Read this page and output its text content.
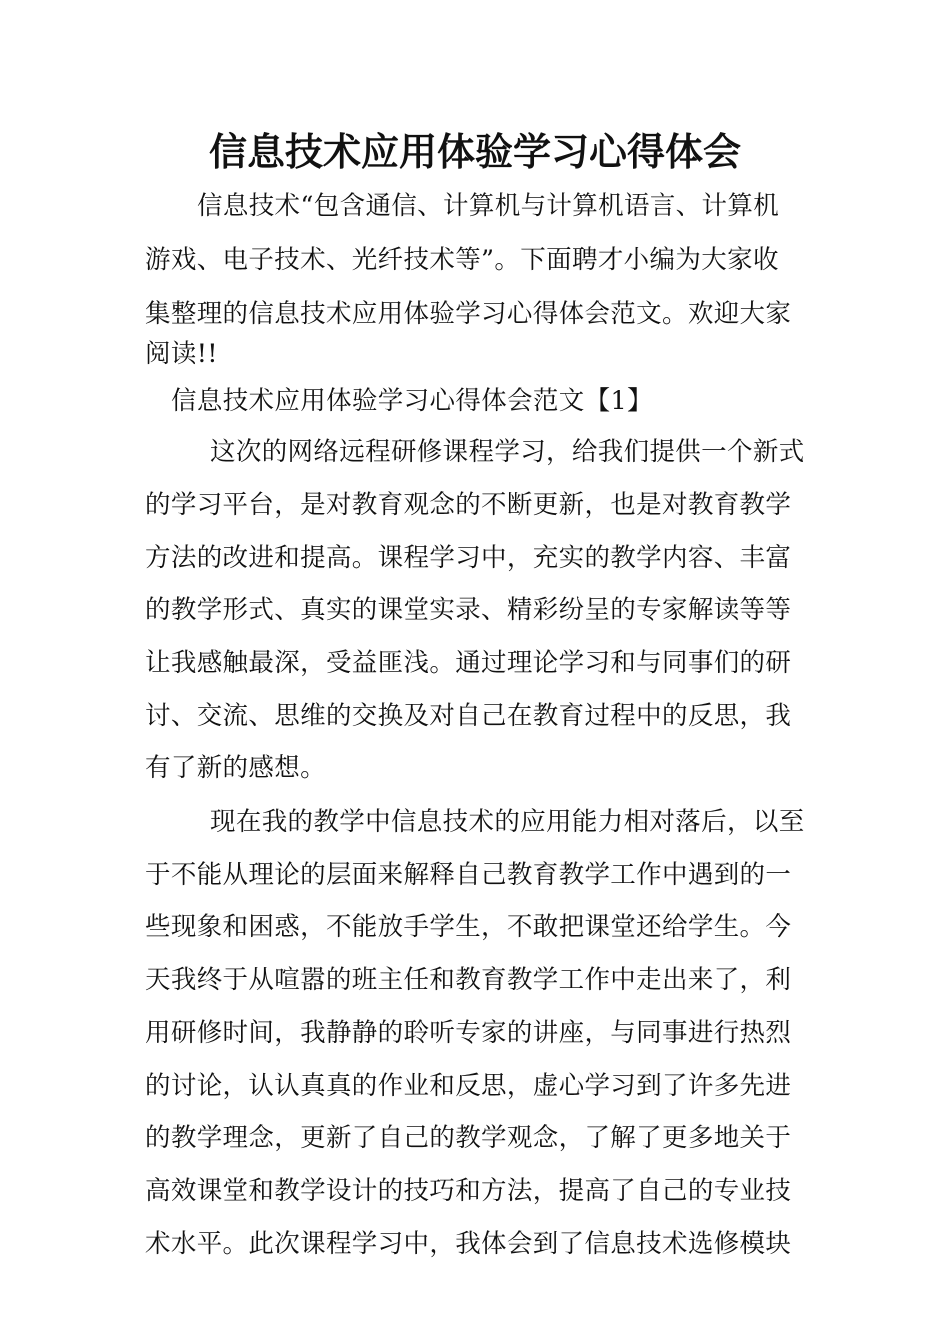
信息技术应用体验学习心得体会
信息技术“包含通信、计算机与计算机语言、计算机
游戏、电子技术、光纤技术等”。下面聘才小编为大家收
集整理的信息技术应用体验学习心得体会范文。欢迎大家
阅读!!
信息技术应用体验学习心得体会范文【1】
这次的网络远程研修课程学习，给我们提供一个新式
的学习平台，是对教育观念的不断更新，也是对教育教学
方法的改进和提高。课程学习中，充实的教学内容、丰富
的教学形式、真实的课堂实录、精彩纷呈的专家解读等等
让我感触最深，受益匪浅。通过理论学习和与同事们的研
讨、交流、思维的交换及对自己在教育过程中的反思，我
有了新的感想。
现在我的教学中信息技术的应用能力相对落后，以至
于不能从理论的层面来解释自己教育教学工作中遇到的一
些现象和困惑，不能放手学生，不敢把课堂还给学生。今
天我终于从喧嚣的班主任和教育教学工作中走出来了，利
用研修时间，我静静的聆听专家的讲座，与同事进行热烈
的讨论，认认真真的作业和反思，虚心学习到了许多先进
的教学理念，更新了自己的教学观念，了解了更多地关于
高效课堂和教学设计的技巧和方法，提高了自己的专业技
术水平。此次课程学习中，我体会到了信息技术选修模块
